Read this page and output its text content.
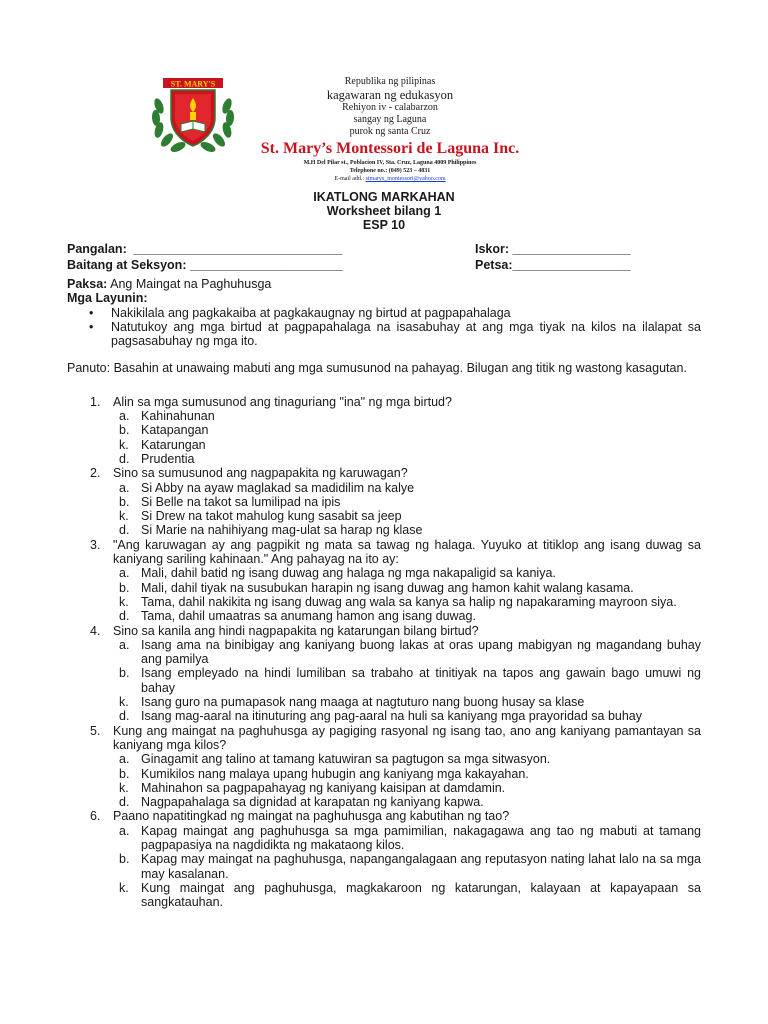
ST. MARY'S	Republika ng pilipinas
kagawaran ng edukasyon
Rehiyon iv - calabarzon
sangay ng Laguna
purok ng santa Cruz
St. Mary’s Montessori de Laguna Inc.
M.H Del Pilar st., Poblacion IV, Sta. Cruz, Laguna 4009 Philippines
Telephone no.: (049) 523 – 4831
E-mail add.: stmarys_montessori@yahoo.com
IKATLONG MARKAHAN
Worksheet bilang 1
ESP 10
Pangalan:  ______________________________
Baitang at Seksyon: ______________________
Iskor: _________________
Petsa:_________________
Paksa: Ang Maingat na Paghuhusga
Mga Layunin:
• Nakikilala ang pagkakaiba at pagkakaugnay ng birtud at pagpapahalaga
• Natutukoy ang mga birtud at pagpapahalaga na isasabuhay at ang mga tiyak na kilos na ilalapat sa pagsasabuhay ng mga ito.
Panuto: Basahin at unawaing mabuti ang mga sumusunod na pahayag. Bilugan ang titik ng wastong kasagutan.
1. Alin sa mga sumusunod ang tinaguriang "ina" ng mga birtud?
a. Kahinahunan
b. Katapangan
k. Katarungan
d. Prudentia
2. Sino sa sumusunod ang nagpapakita ng karuwagan?
a. Si Abby na ayaw maglakad sa madidilim na kalye
b. Si Belle na takot sa lumilipad na ipis
k. Si Drew na takot mahulog kung sasabit sa jeep
d. Si Marie na nahihiyang mag-ulat sa harap ng klase
3. "Ang karuwagan ay ang pagpikit ng mata sa tawag ng halaga. Yuyuko at titiklop ang isang duwag sa kaniyang sariling kahinaan." Ang pahayag na ito ay:
a. Mali, dahil batid ng isang duwag ang halaga ng mga nakapaligid sa kaniya.
b. Mali, dahil tiyak na susubukan harapin ng isang duwag ang hamon kahit walang kasama.
k. Tama, dahil nakikita ng isang duwag ang wala sa kanya sa halip ng napakaraming mayroon siya.
d. Tama, dahil umaatras sa anumang hamon ang isang duwag.
4. Sino sa kanila ang hindi nagpapakita ng katarungan bilang birtud?
a. Isang ama na binibigay ang kaniyang buong lakas at oras upang mabigyan ng magandang buhay ang pamilya
b. Isang empleyado na hindi lumiliban sa trabaho at tinitiyak na tapos ang gawain bago umuwi ng bahay
k. Isang guro na pumapasok nang maaga at nagtuturo nang buong husay sa klase
d. Isang mag-aaral na itinuturing ang pag-aaral na huli sa kaniyang mga prayoridad sa buhay
5. Kung ang maingat na paghuhusga ay pagiging rasyonal ng isang tao, ano ang kaniyang pamantayan sa kaniyang mga kilos?
a. Ginagamit ang talino at tamang katuwiran sa pagtugon sa mga sitwasyon.
b. Kumikilos nang malaya upang hubugin ang kaniyang mga kakayahan.
k. Mahinahon sa pagpapahayag ng kaniyang kaisipan at damdamin.
d. Nagpapahalaga sa dignidad at karapatan ng kaniyang kapwa.
6. Paano napatitingkad ng maingat na paghuhusga ang kabutihan ng tao?
a. Kapag maingat ang paghuhusga sa mga pamimilian, nakagagawa ang tao ng mabuti at tamang pagpapasiya na nagdidikta ng makataong kilos.
b. Kapag may maingat na paghuhusga, napangangalagaan ang reputasyon nating lahat lalo na sa mga may kasalanan.
k. Kung maingat ang paghuhusga, magkakaroon ng katarungan, kalayaan at kapayapaan sa sangkatauhan.
